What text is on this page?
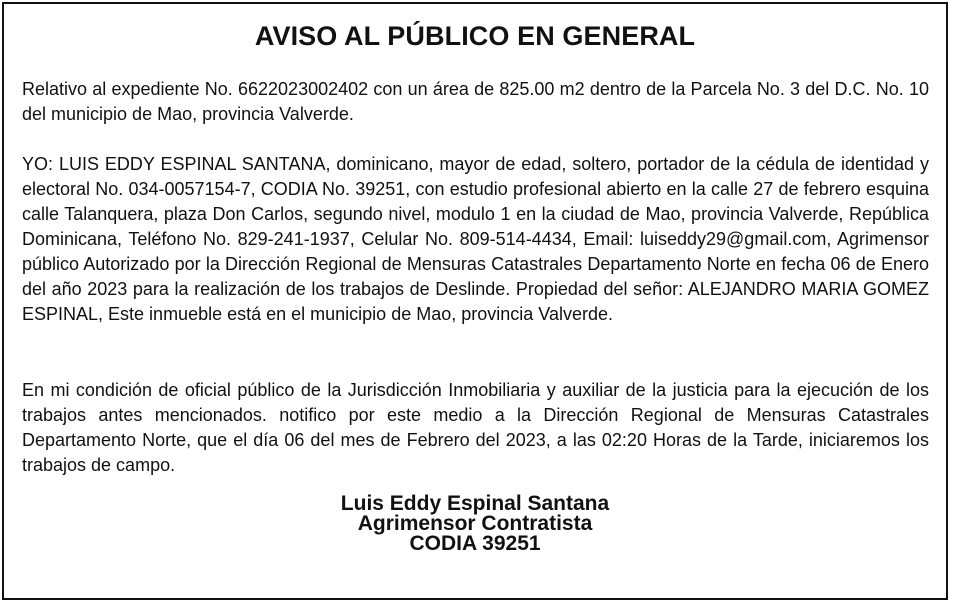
AVISO AL PÚBLICO EN GENERAL
Relativo al expediente No. 6622023002402 con un área de 825.00 m2 dentro de la Parcela No. 3 del D.C. No. 10 del municipio de Mao, provincia Valverde.
YO: LUIS EDDY ESPINAL SANTANA, dominicano, mayor de edad, soltero, portador de la cédula de identidad y electoral No. 034-0057154-7, CODIA No. 39251, con estudio profesional abierto en la calle 27 de febrero esquina calle Talanquera, plaza Don Carlos, segundo nivel, modulo 1 en la ciudad de Mao, provincia Valverde, República Dominicana, Teléfono No. 829-241-1937, Celular No. 809-514-4434, Email: luiseddy29@gmail.com, Agrimensor público Autorizado por la Dirección Regional de Mensuras Catastrales Departamento Norte en fecha 06 de Enero del año 2023 para la realización de los trabajos de Deslinde. Propiedad del señor: ALEJANDRO MARIA GOMEZ ESPINAL, Este inmueble está en el municipio de Mao, provincia Valverde.
En mi condición de oficial público de la Jurisdicción Inmobiliaria y auxiliar de la justicia para la ejecución de los trabajos antes mencionados. notifico por este medio a la Dirección Regional de Mensuras Catastrales Departamento Norte, que el día 06 del mes de Febrero del 2023, a las 02:20 Horas de la Tarde, iniciaremos los trabajos de campo.
Luis Eddy Espinal Santana
Agrimensor Contratista
CODIA 39251
